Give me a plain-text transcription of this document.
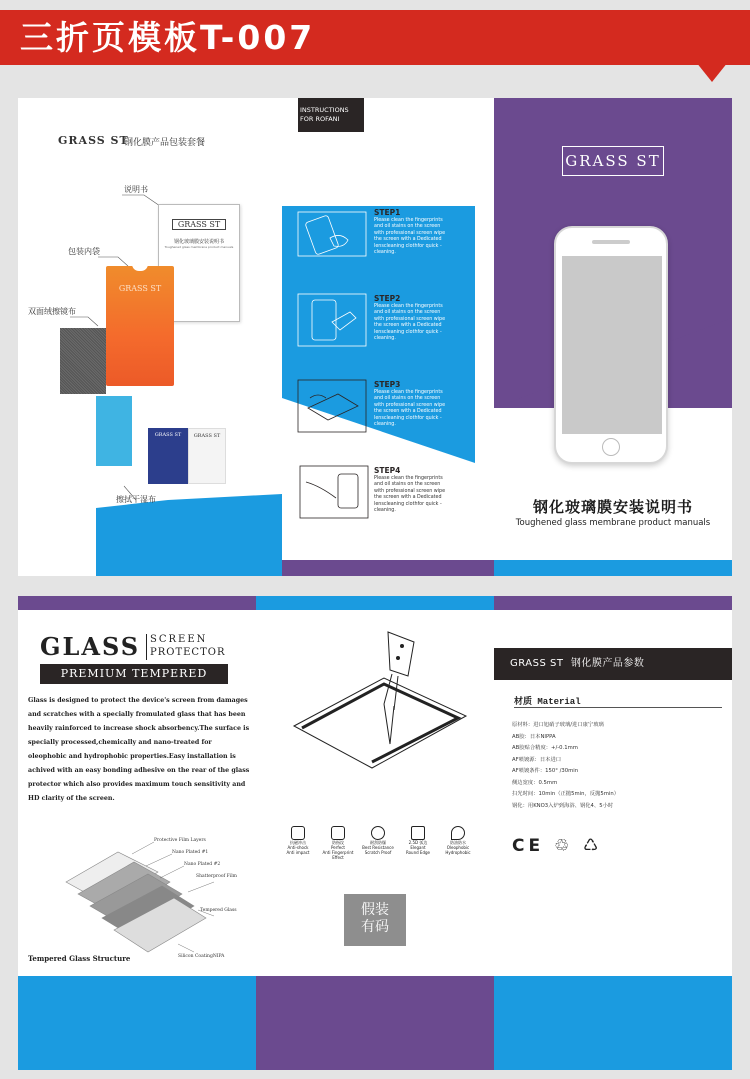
三折页模板T-007
GRASS ST
钢化膜产品包装套餐
说明书
包装内袋
双面绒擦镜布
擦拭干湿布
GRASS ST
钢化玻璃膜安装说明书
Toughened glass membrane product manuals
GRASS ST
GRASS ST	GRASS ST
INSTRUCTIONS
FOR ROFANI
STEP1
Please clean the fingerprints and oil stains on the screen with professional screen wipe the screen with a Dedicated lenscleaning clothfor quick -cleaning.
STEP2
Please clean the fingerprints and oil stains on the screen with professional screen wipe the screen with a Dedicated lenscleaning clothfor quick -cleaning.
STEP3
Please clean the fingerprints and oil stains on the screen with professional screen wipe the screen with a Dedicated lenscleaning clothfor quick -cleaning.
STEP4
Please clean the fingerprints and oil stains on the screen with professional screen wipe the screen with a Dedicated lenscleaning clothfor quick -cleaning.
GRASS ST
钢化玻璃膜安装说明书
Toughened glass membrane product manuals
GLASS SCREEN
PROTECTOR
PREMIUM TEMPERED
Glass is designed to protect the device's screen from damages and scratches with a specially fromulated glass that has been heavily rainforced to increase shock absorbency.The surface is specially processed,chemically and nano-treated for oleophobic and hydrophobic properties.Easy installation is achived with an easy bonding adhesive on the rear of the glass protector which also provides maximum touch sensitivity and HD clarity of the screen.
Protective Film Layers
Nano Plated #1
Nano Plated #2
Shatterproof Film
Tempered Glass
Silicon CoatingNIPA
Tempered Glass Structure
抗磁冲击
Anti-shock
Anti impact
防指纹
Perfect
Anti Fingerprint Effect
耐刮防爆
Best Resistance
Scratch Proof
2.5D 弧边
Elegant
Round Edge
防油防水
Oleophobic
Hydrophobic
假装
有码
GRASS ST  钢化膜产品参数
材质 Material
原材料：进口旭硝子玻璃/进口康宁玻璃
AB胶：日本NIPPA
AB胶贴合精度：+/-0.1mm
AF喷镀源：日本进口
AF喷镀条件：150° /30min
侧边宽度：0.5mm
扫光时间：10min（正抛5min，反抛5min）
钢化：用KNO3入炉到海浴、钢化4、5小时
CE ♲ ♺
